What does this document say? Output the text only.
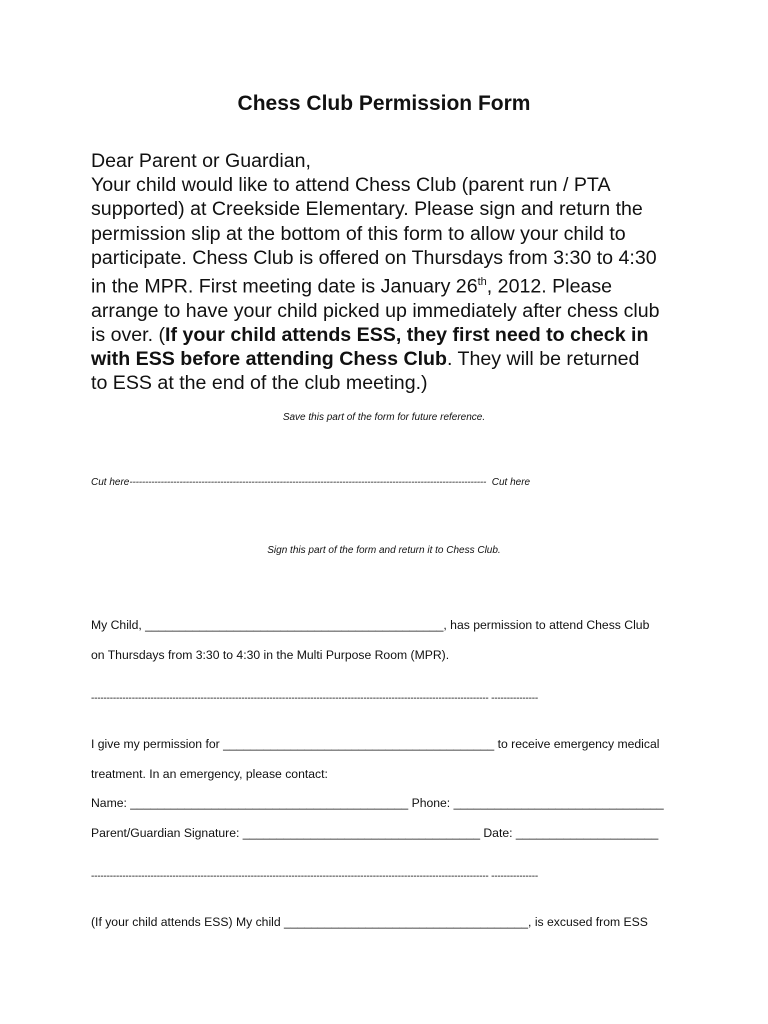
Chess Club Permission Form
Dear Parent or Guardian,
Your child would like to attend Chess Club (parent run / PTA
supported) at Creekside Elementary. Please sign and return the
permission slip at the bottom of this form to allow your child to
participate. Chess Club is offered on Thursdays from 3:30 to 4:30
in the MPR. First meeting date is January 26th, 2012. Please
arrange to have your child picked up immediately after chess club
is over. (If your child attends ESS, they first need to check in
with ESS before attending Chess Club. They will be returned
to ESS at the end of the club meeting.)
Save this part of the form for future reference.
Cut here------------------------------------------------------------------------------------------------------------------ Cut here
Sign this part of the form and return it to Chess Club.
My Child, ____________________________________________, has permission to attend Chess Club
on Thursdays from 3:30 to 4:30 in the Multi Purpose Room (MPR).
------------------------------------------------------------------------------------------------------------------------------- ---------------
I give my permission for ________________________________________ to receive emergency medical
treatment. In an emergency, please contact:
Name: _________________________________________ Phone: _______________________________
Parent/Guardian Signature: ___________________________________ Date: _____________________
------------------------------------------------------------------------------------------------------------------------------- ---------------
(If your child attends ESS) My child ____________________________________, is excused from ESS
